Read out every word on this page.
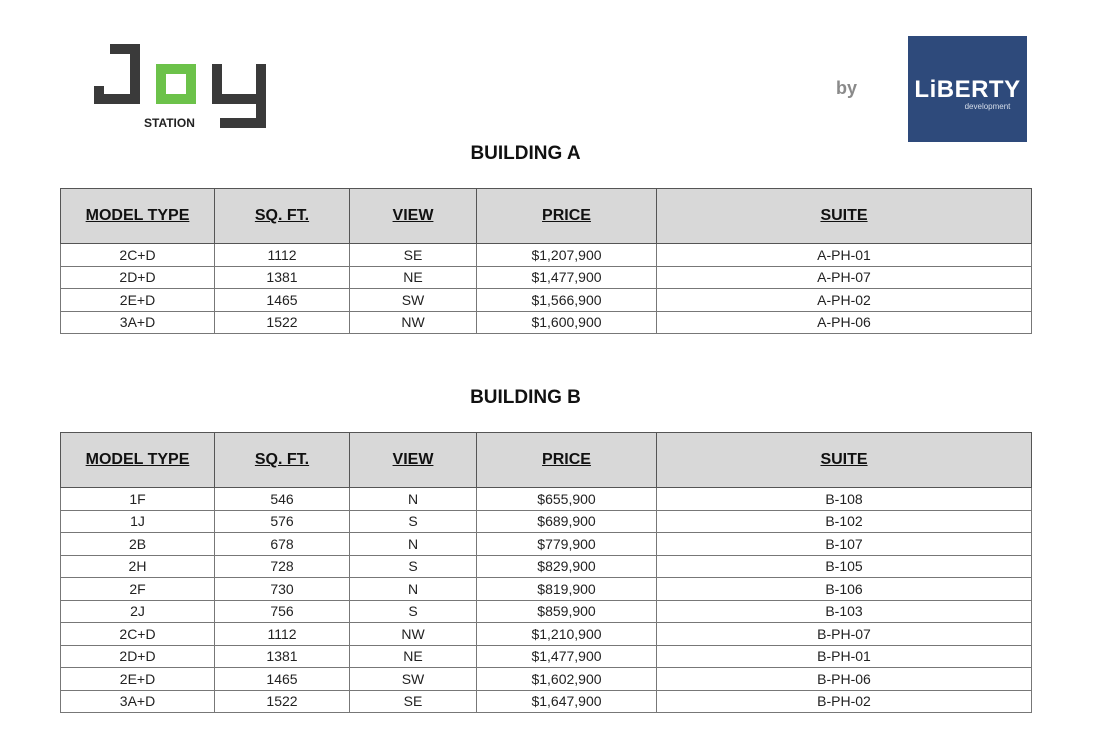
STATION
by LiBERTY
development
BUILDING A
MODEL TYPE	SQ. FT.	VIEW	PRICE	SUITE
2C+D	1112	SE	$1,207,900	A-PH-01
2D+D	1381	NE	$1,477,900	A-PH-07
2E+D	1465	SW	$1,566,900	A-PH-02
3A+D	1522	NW	$1,600,900	A-PH-06
BUILDING B
MODEL TYPE	SQ. FT.	VIEW	PRICE	SUITE
1F	546	N	$655,900	B-108
1J	576	S	$689,900	B-102
2B	678	N	$779,900	B-107
2H	728	S	$829,900	B-105
2F	730	N	$819,900	B-106
2J	756	S	$859,900	B-103
2C+D	1112	NW	$1,210,900	B-PH-07
2D+D	1381	NE	$1,477,900	B-PH-01
2E+D	1465	SW	$1,602,900	B-PH-06
3A+D	1522	SE	$1,647,900	B-PH-02
